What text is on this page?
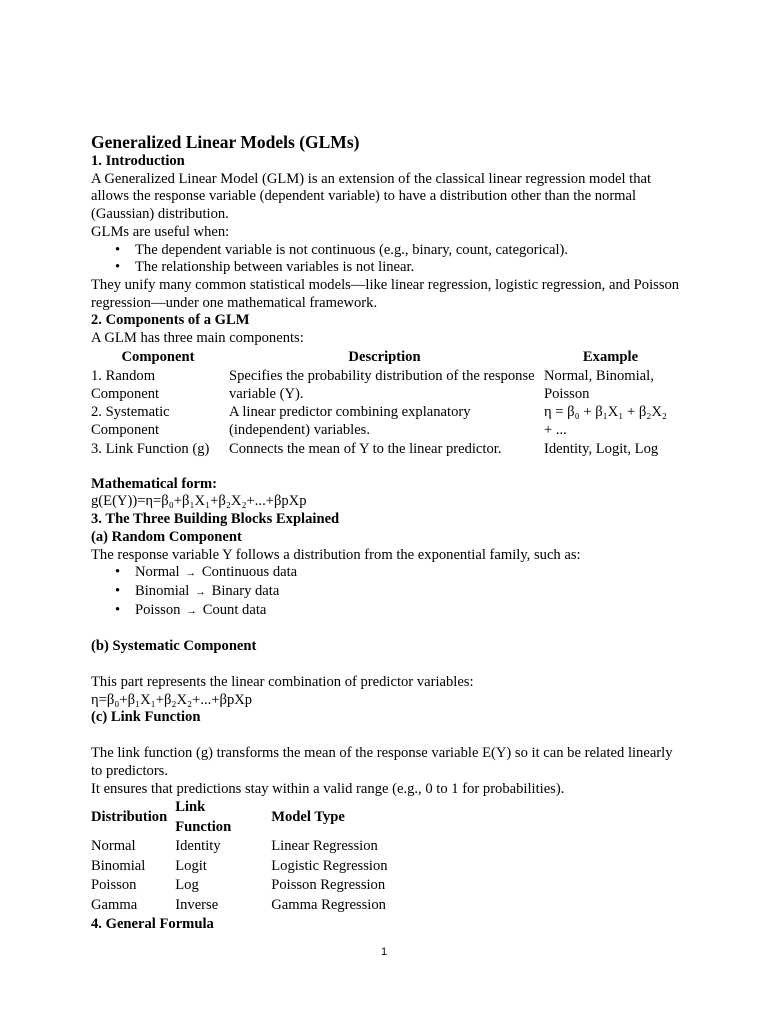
Generalized Linear Models (GLMs)

1. Introduction

A Generalized Linear Model (GLM) is an extension of the classical linear regression model that allows the response variable (dependent variable) to have a distribution other than the normal (Gaussian) distribution.

GLMs are useful when:

• The dependent variable is not continuous (e.g., binary, count, categorical).
• The relationship between variables is not linear.

They unify many common statistical models—like linear regression, logistic regression, and Poisson regression—under one mathematical framework.

2. Components of a GLM

A GLM has three main components:

Component	Description	Example
1. Random Component	Specifies the probability distribution of the response variable (Y).	Normal, Binomial, Poisson
2. Systematic Component	A linear predictor combining explanatory (independent) variables.	η = β₀ + β₁X₁ + β₂X₂ + ...
3. Link Function (g)	Connects the mean of Y to the linear predictor.	Identity, Logit, Log

Mathematical form:

g(E(Y))=η=β₀+β₁X₁+β₂X₂+...+βpXp

3. The Three Building Blocks Explained

(a) Random Component

The response variable Y follows a distribution from the exponential family, such as:

• Normal → Continuous data
• Binomial → Binary data
• Poisson → Count data

(b) Systematic Component

This part represents the linear combination of predictor variables:

η=β₀+β₁X₁+β₂X₂+...+βpXp

(c) Link Function

The link function (g) transforms the mean of the response variable E(Y) so it can be related linearly to predictors.

It ensures that predictions stay within a valid range (e.g., 0 to 1 for probabilities).

Distribution	Link Function	Model Type
Normal	Identity	Linear Regression
Binomial	Logit	Logistic Regression
Poisson	Log	Poisson Regression
Gamma	Inverse	Gamma Regression

4. General Formula

1
